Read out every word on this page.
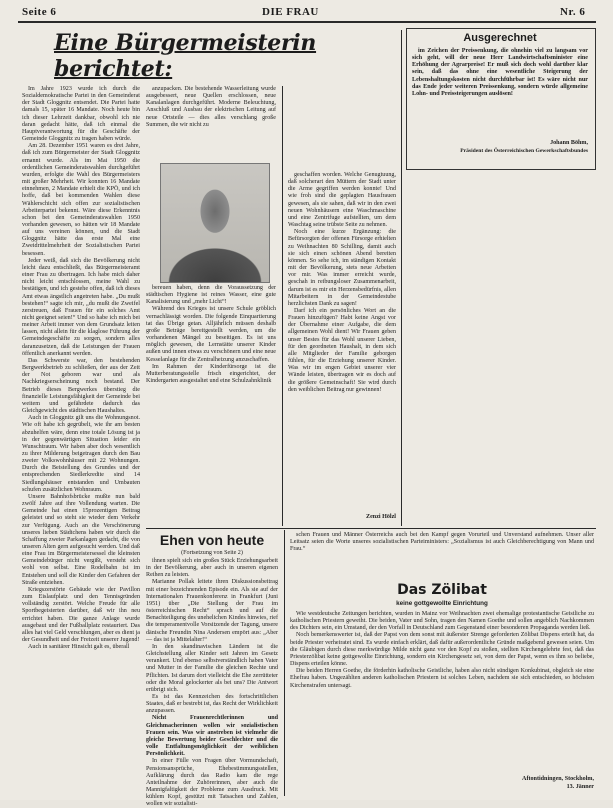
Seite 6	DIE FRAU	Nr. 6
Eine Bürgermeisterin berichtet:

Im Jahre 1923 wurde ich durch die Sozialdemokratische Partei in den Gemeinderat der Stadt Gloggnitz entsendet. Die Partei hatte damals 15, später 16 Mandate. Noch heute bin ich dieser Lehrzeit dankbar, obwohl ich nie daran gedacht hätte, daß ich einmal die Hauptverantwortung für die Geschäfte der Gemeinde Gloggnitz zu tragen haben würde.

Am 28. Dezember 1951 waren es drei Jahre, daß ich zum Bürgermeister der Stadt Gloggnitz ernannt wurde. Als im Mai 1950 die ordentlichen Gemeinderatswahlen durchgeführt wurden, erfolgte die Wahl des Bürgermeisters mit großer Mehrheit. Wir konnten 16 Mandate einnehmen, 2 Mandate erhielt die KPÖ, und ich hoffe, daß bei kommenden Wahlen diese Wählerschicht sich offen zur sozialistischen Arbeiterpartei bekennt. Wäre diese Erkenntnis schon bei den Gemeinderatswahlen 1950 vorhanden gewesen, so hätten wir 18 Mandate auf uns vereinen können, und die Stadt Gloggnitz hätte das erste Mal eine Zweidrittelmehrheit der Sozialistischen Partei besessen.

Jeder weiß, daß sich die Bevölkerung nicht leicht dazu entschließt, das Bürgermeisteramt einer Frau zu übertragen. Ich habe mich daher nicht leicht entschlossen, meine Wahl zu bestätigen, und ich gestehe offen, daß ich dieses Amt etwas ängstlich angetreten habe. „Du mußt bestehen!“ sagte ich mir, „du mußt die Zweifel zerstreuen, daß Frauen für ein solches Amt nicht geeignet seien!“ Und so habe ich mich bei meiner Arbeit immer von dem Grundsatz leiten lassen, nicht allein für die klaglose Führung der Gemeindegeschäfte zu sorgen, sondern alles daranzusetzen, daß die Leistungen der Frauen öffentlich anerkannt werden.

Das Schwerste war, den bestehenden Bergwerkbetrieb zu schließen, der aus der Zeit der Not geboren war und als Nachkriegserscheinung noch bestand. Der Betrieb dieses Bergwerkes überstieg die finanzielle Leistungsfähigkeit der Gemeinde bei weitem und gefährdete dadurch das Gleichgewicht des städtischen Haushaltes.

Auch in Gloggnitz gilt uns die Wohnungsnot. Wie oft habe ich gegrübelt, wie ihr am besten abzuhelfen wäre, denn eine totale Lösung ist ja in der gegenwärtigen Situation leider ein Wunschtraum. Wir haben aber doch wesentlich zu ihrer Milderung beigetragen durch den Bau zweier Volkswohnhäuser mit 22 Wohnungen. Durch die Beistellung des Grundes und der entsprechenden Siedlerkredite sind 14 Siedlungshäuser entstanden und Umbauten schufen zusätzlichen Wohnraum.

Unsere Bahnhofsbrücke mußte nun bald zwölf Jahre auf ihre Vollendung warten. Die Gemeinde hat einen 15prozentigen Beitrag geleistet und so steht sie wieder dem Verkehr zur Verfügung. Auch an die Verschönerung unseres lieben Städtchens haben wir durch die Schaffung zweier Parkanlagen gedacht, die von unseren Alten gern aufgesucht werden. Und daß eine Frau im Bürgermeistersessel die kleinsten Gemeindebürger nicht vergißt, versteht sich wohl von selbst. Eine Rodelbahn ist im Entstehen und soll die Kinder den Gefahren der Straße entziehen.

Kriegszerstörte Gebäude wie der Pavillon zum Eislaufplatz und den Tennisgründen vollständig zerstört. Welche Freude für alle Sportbegeisterten darüber, daß wir ihn neu errichtet haben. Die ganze Anlage wurde ausgebaut und der Fußballplatz restauriert. Das alles hat viel Geld verschlungen, aber es dient ja der Gesundheit und der Freizeit unserer Jugend!

Auch in sanitärer Hinsicht galt es, überall

anzupacken. Die bestehende Wasserleitung wurde ausgebessert, neue Quellen erschlossen, neue Kanalanlagen durchgeführt. Moderne Beleuchtung, Anschluß und Ausbau der elektrischen Leitung auf neue Ortsteile — dies alles verschlang große Summen, die wir nicht zu

bereuen haben, denn die Voraussetzung der städtischen Hygiene ist reines Wasser, eine gute Kanalisierung und „mehr Licht“!

Während des Krieges ist unsere Schule gröblich vernachlässigt worden. Die folgende Einquartierung tat das Übrige getan. Alljährlich müssen deshalb große Beträge bereitgestellt werden, um die vorhandenen Mängel zu beseitigen. Es ist uns möglich gewesen, die Lernstätte unserer Kinder außen und innen etwas zu verschönern und eine neue Kesselanlage für die Zentralheizung anzuschaffen.

Im Rahmen der Kinderfürsorge ist die Mutterberatungsstelle frisch eingerichtet, der Kindergarten ausgestaltet und eine Schulzahnklinik

geschaffen worden. Welche Genugtuung, daß solcherart den Müttern der Stadt unter die Arme gegriffen werden konnte! Und wie froh sind die geplagten Hausfrauen gewesen, als sie sahen, daß wir in den zwei neuen Wohnhäusern eine Waschmaschine und eine Zentrifuge aufstellten, um dem Waschtag seine trübste Seite zu nehmen.

Noch eine kurze Ergänzung: die Befürsorgten der offenen Fürsorge erhielten zu Weihnachten 80 Schilling, damit auch sie sich einen schönen Abend bereiten können. So sehe ich, im ständigen Kontakt mit der Bevölkerung, stets neue Arbeiten vor mir. Was immer erreicht wurde, geschah in reibungsloser Zusammenarbeit, darum ist es mir ein Herzensbedürfnis, allen Mitarbeitern in der Gemeindestube herzlichsten Dank zu sagen!

Darf ich ein persönliches Wort an die Frauen hinzufügen? Habt keine Angst vor der Übernahme einer Aufgabe, die dem allgemeinen Wohl dient! Wir Frauen geben unser Bestes für das Wohl unserer Lieben, für den geordneten Haushalt, in dem sich alle Mitglieder der Familie geborgen fühlen, für die Erziehung unserer Kinder. Was wir im engen Gebiet unserer vier Wände leisten, übertragen wir es doch auf die größere Gemeinschaft! Sie wird durch den weiblichen Beitrag nur gewinnen!

Zenzi Hölzl
Ausgerechnet

im Zeichen der Preissenkung, die ohnehin viel zu langsam vor sich geht, will der neue Herr Landwirtschaftsminister eine Erhöhung der Agrarpreise! Er muß sich doch wohl darüber klar sein, daß das ohne eine wesentliche Steigerung der Lebenshaltungskosten nicht durchführbar ist! Es wäre nicht nur das Ende jeder weiteren Preissenkung, sondern würde allgemeine Lohn- und Preissteigerungen auslösen!

Johann Böhm,
Präsident des Österreichischen Gewerkschaftsbundes
Ehen von heute
(Fortsetzung von Seite 2)

ihnen spielt sich ein großes Stück Erziehungsarbeit in der Bevölkerung, aber auch in unseren eigenen Reihen zu leisten.

Marianne Pollak leitete ihren Diskussionsbeitrag mit einer bezeichnenden Episode ein. Als sie auf der Internationalen Frauenkonferenz in Frankfurt (Juni 1951) über „Die Stellung der Frau im österreichischen Recht“ sprach und auf die Benachteiligung des unehelichen Kindes hinwies, rief die temperamentvolle Vorsitzende der Tagung, unsere dänische Freundin Nina Andersen empört aus: „Aber — das ist ja Mittelalter!“

In den skandinavischen Ländern ist die Gleichstellung aller Kinder seit Jahren im Gesetz verankert. Und ebenso selbstverständlich haben Vater und Mutter in der Familie die gleichen Rechte und Pflichten. Ist darum dort vielleicht die Ehe zerrütteter oder die Moral gelockerter als bei uns? Die Antwort erübrigt sich.

Es ist das Kennzeichen des fortschrittlichen Staates, daß er bestrebt ist, das Recht der Wirklichkeit anzupassen.

Nicht Frauenrechtlerinnen und Gleichmacherinnen wollen wir sozialistischen Frauen sein. Was wir anstreben ist vielmehr die gleiche Bewertung beider Geschlechter und die volle Entfaltungsmöglichkeit der weiblichen Persönlichkeit.

In einer Fülle von Fragen über Vormundschaft, Pensionsansprüche, Ehebestimmungsstellen, Aufklärung durch das Radio kam die rege Anteilnahme der Zuhörerinnen, aber auch die Mannigfaltigkeit der Probleme zum Ausdruck. Mit kühlem Kopf, gestützt mit Tatsachen und Zahlen, wollen wir sozialisti-

schen Frauen und Männer Österreichs auch bei den Kampf gegen Vorurteil und Unverstand aufnehmen. Unser aller Leitsatz seien die Worte unseres sozialistischen Parteiministers: „Sozialismus ist auch Gleichberechtigung von Mann und Frau.“

Das Zölibat
keine gottgewollte Einrichtung

Wie westdeutsche Zeitungen berichten, wurden in Mainz vor Weihnachten zwei ehemalige protestantische Geistliche zu katholischen Priestern geweiht. Die beiden, Vater und Sohn, tragen den Namen Goethe und sollen angeblich Nachkommen des Dichters sein, ein Umstand, der den Vorfall in Deutschland zum Gegenstand einer besonderen Propaganda werden ließ.

Noch bemerkenswerter ist, daß der Papst von dem sonst mit äußerster Strenge geforderten Zölibat Dispens erteilt hat, da beide Priester verheiratet sind. Es wurde einfach erklärt, daß dafür außerordentliche Gründe maßgebend gewesen seien. Um die Gläubigen durch diese merkwürdige Milde nicht ganz vor den Kopf zu stoßen, stellten Kirchengelehrte fest, daß das Priesterzölibat keine gottgewollte Einrichtung, sondern ein Kirchengesetz sei, von dem der Papst, wenn es ihm so beliebe, Dispens erteilen könne.

Die beiden Herren Goethe, die förderhin katholische Geistliche, haben also nicht sündigen Konkubinat, obgleich sie eine Ehefrau haben. Ungezählten anderen katholischen Priestern ist solches Leben, nachdem sie sich entschieden, so höchsten Kirchenstrafen untersagt.

Aftontidningen, Stockholm,
13. Jänner
